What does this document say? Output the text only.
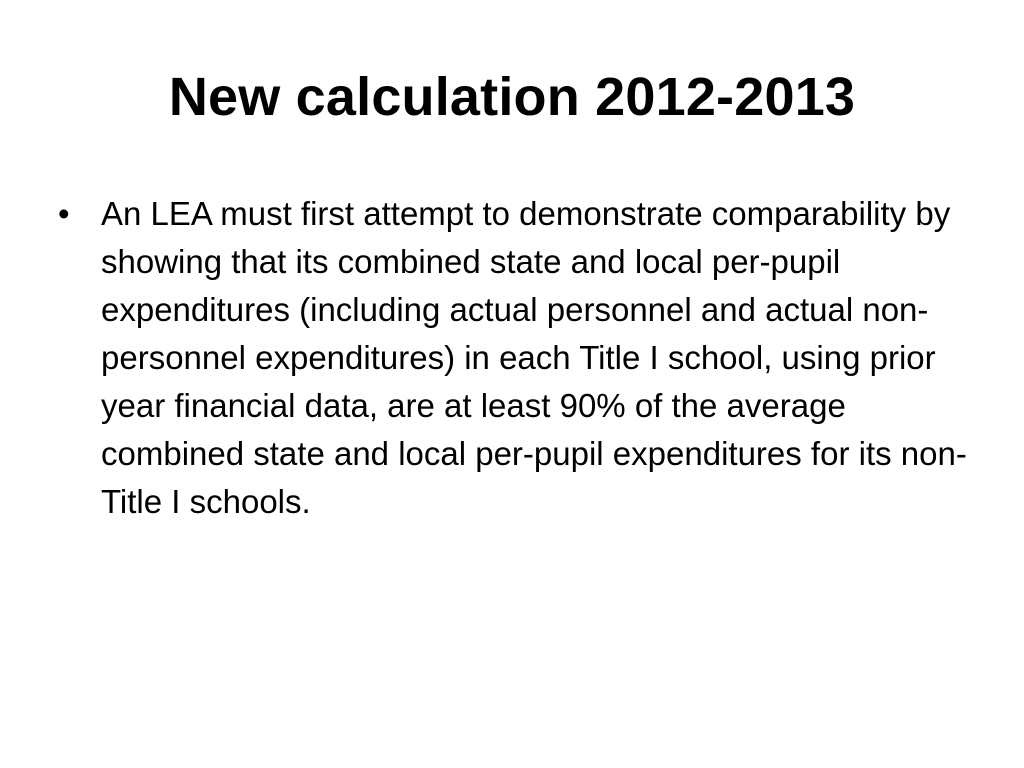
New calculation 2012-2013
• An LEA must first attempt to demonstrate comparability by showing that its combined state and local per-pupil expenditures (including actual personnel and actual non-personnel expenditures) in each Title I school, using prior year financial data, are at least 90% of the average combined state and local per-pupil expenditures for its non-Title I schools.
